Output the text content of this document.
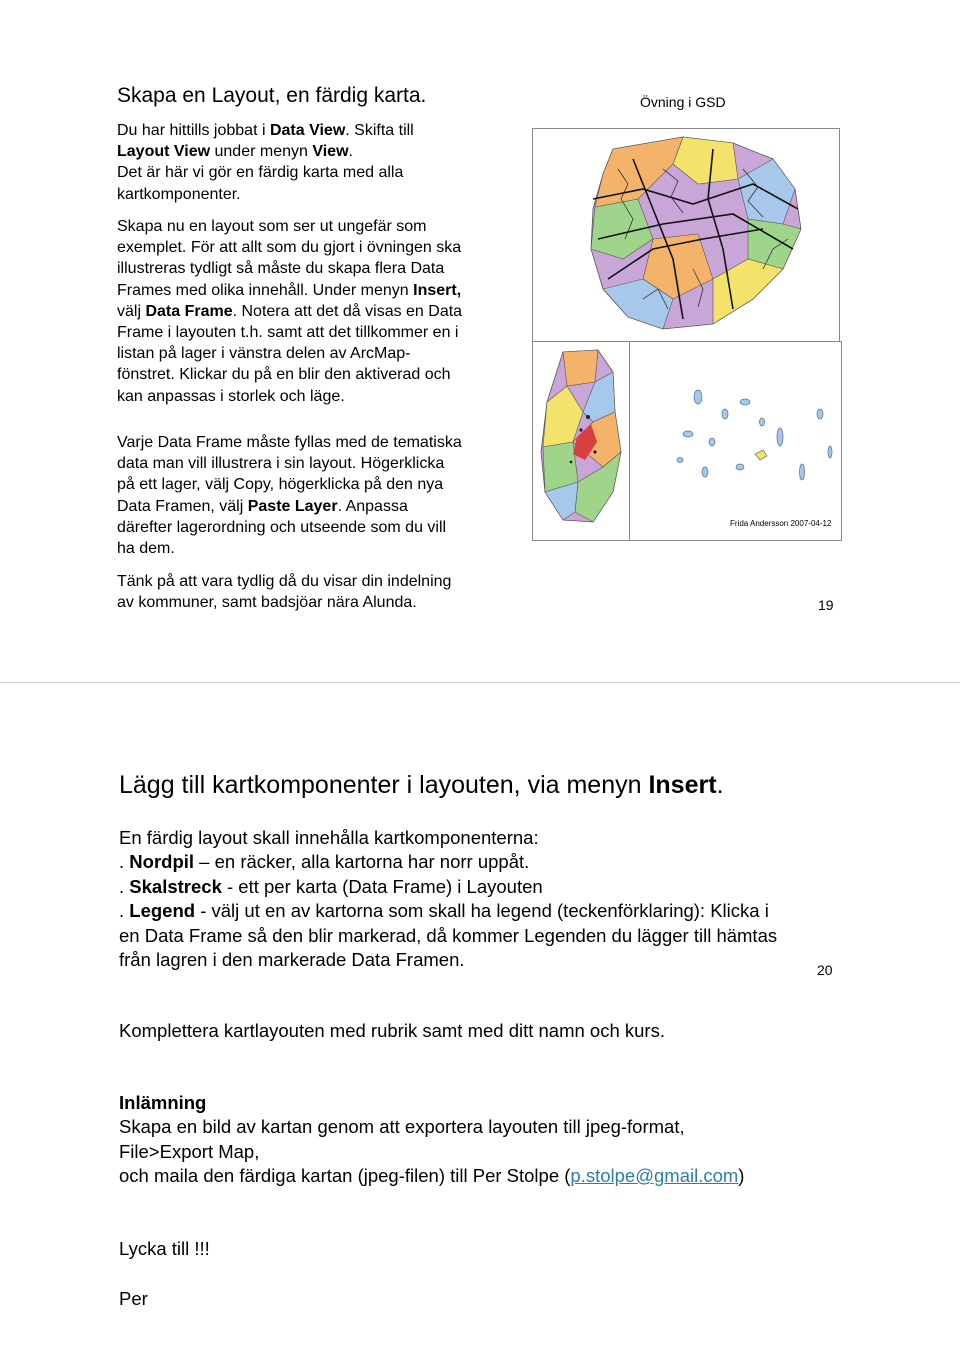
Skapa en Layout, en färdig karta.

Du har hittills jobbat i Data View. Skifta till

Layout View under menyn View.

Det är här vi gör en färdig karta med alla

kartkomponenter.

Skapa nu en layout som ser ut ungefär som

exemplet. För att allt som du gjort i övningen ska

illustreras tydligt så måste du skapa flera Data

Frames med olika innehåll. Under menyn Insert,

välj Data Frame. Notera att det då visas en Data

Frame i layouten t.h. samt att det tillkommer en i

listan på lager i vänstra delen av ArcMap-

fönstret. Klickar du på en blir den aktiverad och

kan anpassas i storlek och läge.

Varje Data Frame måste fyllas med de tematiska

data man vill illustrera i sin layout. Högerklicka

på ett lager, välj Copy, högerklicka på den nya

Data Framen, välj Paste Layer. Anpassa

därefter lagerordning och utseende som du vill

ha dem.

Tänk på att vara tydlig då du visar din indelning

av kommuner, samt badsjöar nära Alunda.

Övning i GSD
Frida Andersson 2007-04-12
19
Lägg till kartkomponenter i layouten, via menyn Insert.

En färdig layout skall innehålla kartkomponenterna:

. Nordpil – en räcker, alla kartorna har norr uppåt.

. Skalstreck - ett per karta (Data Frame) i Layouten

. Legend - välj ut en av kartorna som skall ha legend (teckenförklaring): Klicka i

en Data Frame så den blir markerad, då kommer Legenden du lägger till hämtas

från lagren i den markerade Data Framen.

Komplettera kartlayouten med rubrik samt med ditt namn och kurs.

Inlämning

Skapa en bild av kartan genom att exportera layouten till jpeg-format,

File>Export Map,

och maila den färdiga kartan (jpeg-filen) till Per Stolpe (p.stolpe@gmail.com)

Lycka till !!!

Per

20
